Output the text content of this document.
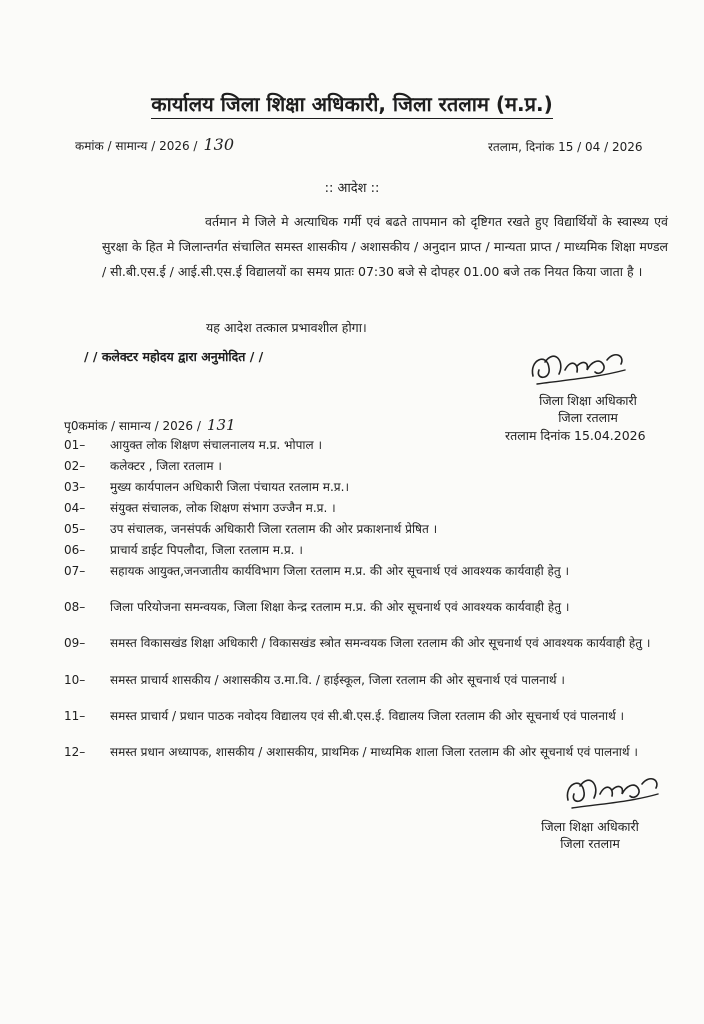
कार्यालय जिला शिक्षा अधिकारी, जिला रतलाम (म.प्र.)
कमांक / सामान्य / 2026 / 130	रतलाम, दिनांक 15 / 04 / 2026
:: आदेश ::
वर्तमान मे जिले मे अत्याधिक गर्मी एवं बढते तापमान को दृष्टिगत रखते हुए विद्यार्थियों के स्वास्थ्य एवं सुरक्षा के हित मे जिलान्तर्गत संचालित समस्त शासकीय / अशासकीय / अनुदान प्राप्त / मान्यता प्राप्त / माध्यमिक शिक्षा मण्डल / सी.बी.एस.ई / आई.सी.एस.ई विद्यालयों का समय प्रातः 07:30 बजे से दोपहर 01.00 बजे तक नियत किया जाता है ।
यह आदेश तत्काल प्रभावशील होगा।
/ / कलेक्टर महोदय द्वारा अनुमोदित / /
जिला शिक्षा अधिकारी
जिला रतलाम
रतलाम दिनांक 15.04.2026
पृ0कमांक / सामान्य / 2026 / 131
01– आयुक्त लोक शिक्षण संचालनालय म.प्र. भोपाल ।
02– कलेक्टर , जिला रतलाम ।
03– मुख्य कार्यपालन अधिकारी जिला पंचायत रतलाम म.प्र.।
04– संयुक्त संचालक, लोक शिक्षण संभाग उज्जैन म.प्र. ।
05– उप संचालक, जनसंपर्क अधिकारी जिला रतलाम की ओर प्रकाशनार्थ प्रेषित ।
06– प्राचार्य डाईट पिपलौदा, जिला रतलाम म.प्र. ।
07– सहायक आयुक्त,जनजातीय कार्यविभाग जिला रतलाम म.प्र. की ओर सूचनार्थ एवं आवश्यक कार्यवाही हेतु ।
08– जिला परियोजना समन्वयक, जिला शिक्षा केन्द्र रतलाम म.प्र. की ओर सूचनार्थ एवं आवश्यक कार्यवाही हेतु ।
09– समस्त विकासखंड शिक्षा अधिकारी / विकासखंड स्त्रोत समन्वयक जिला रतलाम की ओर सूचनार्थ एवं आवश्यक कार्यवाही हेतु ।
10– समस्त प्राचार्य शासकीय / अशासकीय उ.मा.वि. / हाईस्कूल, जिला रतलाम की ओर सूचनार्थ एवं पालनार्थ ।
11– समस्त प्राचार्य / प्रधान पाठक नवोदय विद्यालय एवं सी.बी.एस.ई. विद्यालय जिला रतलाम की ओर सूचनार्थ एवं पालनार्थ ।
12– समस्त प्रधान अध्यापक, शासकीय / अशासकीय, प्राथमिक / माध्यमिक शाला जिला रतलाम की ओर सूचनार्थ एवं पालनार्थ ।
जिला शिक्षा अधिकारी
जिला रतलाम
